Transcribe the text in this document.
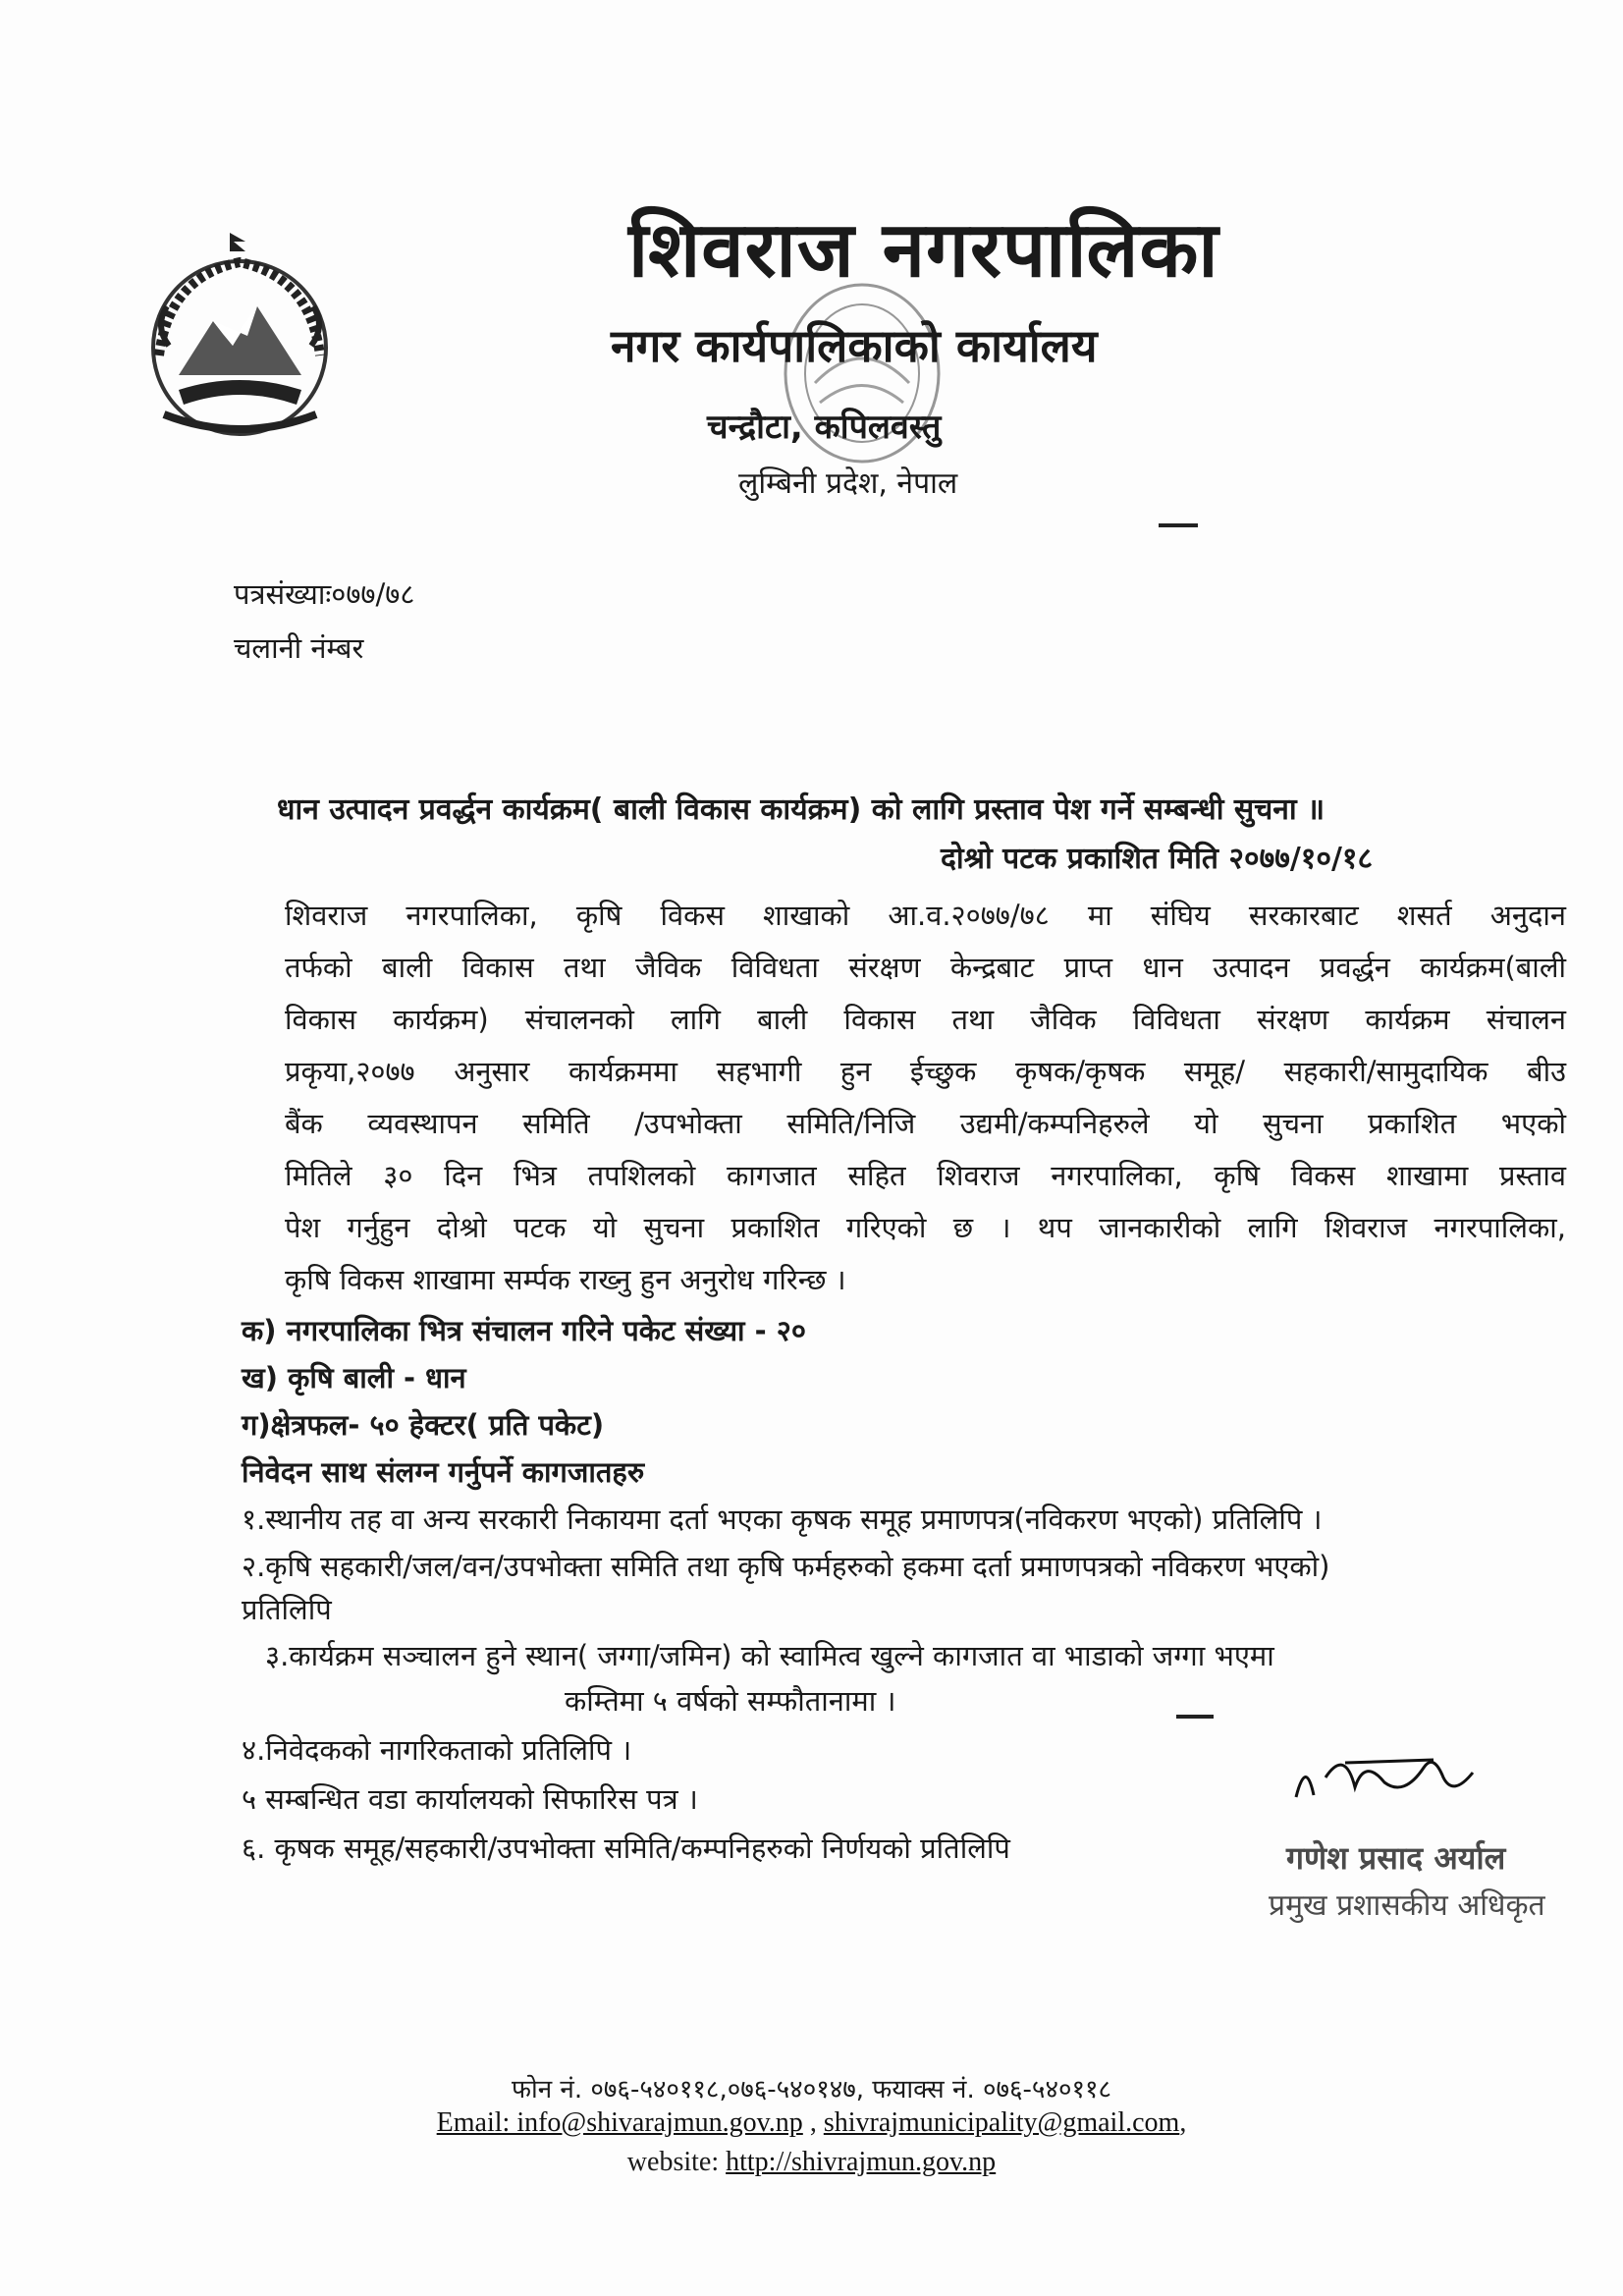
शिवराज नगरपालिका
नगर कार्यपालिकाको कार्यालय
चन्द्रौटा, कपिलवस्तु
लुम्बिनी प्रदेश, नेपाल
पत्रसंख्याः०७७/७८
चलानी नंम्बर
धान उत्पादन प्रवर्द्धन कार्यक्रम( बाली विकास कार्यक्रम) को लागि प्रस्ताव पेश गर्ने सम्बन्धी सुचना ॥
दोश्रो पटक प्रकाशित मिति २०७७/१०/१८
शिवराज नगरपालिका, कृषि विकस शाखाको आ.व.२०७७/७८ मा संघिय सरकारबाट शसर्त अनुदान
तर्फको बाली विकास तथा जैविक विविधता संरक्षण केन्द्रबाट प्राप्त धान उत्पादन प्रवर्द्धन कार्यक्रम(बाली
विकास कार्यक्रम) संचालनको लागि बाली विकास तथा जैविक विविधता संरक्षण कार्यक्रम संचालन
प्रकृया,२०७७ अनुसार कार्यक्रममा सहभागी हुन ईच्छुक कृषक/कृषक समूह/ सहकारी/सामुदायिक बीउ
बैंक व्यवस्थापन समिति /उपभोक्ता समिति/निजि उद्यमी/कम्पनिहरुले यो सुचना प्रकाशित भएको
मितिले ३० दिन भित्र तपशिलको कागजात सहित शिवराज नगरपालिका, कृषि विकस शाखामा प्रस्ताव
पेश गर्नुहुन दोश्रो पटक यो सुचना प्रकाशित गरिएको छ । थप जानकारीको लागि शिवराज नगरपालिका,
कृषि विकस शाखामा सर्म्पक राख्नु हुन अनुरोध गरिन्छ ।
क) नगरपालिका भित्र संचालन गरिने पकेट संख्या - २०
ख) कृषि बाली - धान
ग)क्षेत्रफल- ५० हेक्टर( प्रति पकेट)
निवेदन साथ संलग्न गर्नुपर्ने कागजातहरु
१.स्थानीय तह वा अन्य सरकारी निकायमा दर्ता भएका कृषक समूह प्रमाणपत्र(नविकरण भएको) प्रतिलिपि ।
२.कृषि सहकारी/जल/वन/उपभोक्ता समिति तथा कृषि फर्महरुको हकमा दर्ता प्रमाणपत्रको नविकरण भएको)
प्रतिलिपि
३.कार्यक्रम सञ्चालन हुने स्थान( जग्गा/जमिन) को स्वामित्व खुल्ने कागजात वा भाडाको जग्गा भएमा
कम्तिमा ५ वर्षको सम्फौतानामा ।
४.निवेदकको नागरिकताको प्रतिलिपि ।
५ सम्बन्धित वडा कार्यालयको सिफारिस पत्र ।
६. कृषक समूह/सहकारी/उपभोक्ता समिति/कम्पनिहरुको निर्णयको प्रतिलिपि	गणेश प्रसाद अर्याल
प्रमुख प्रशासकीय अधिकृत
फोन नं. ०७६-५४०११८,०७६-५४०१४७, फयाक्स नं. ०७६-५४०११८
Email: info@shivarajmun.gov.np , shivrajmunicipality@gmail.com,
website: http://shivrajmun.gov.np
